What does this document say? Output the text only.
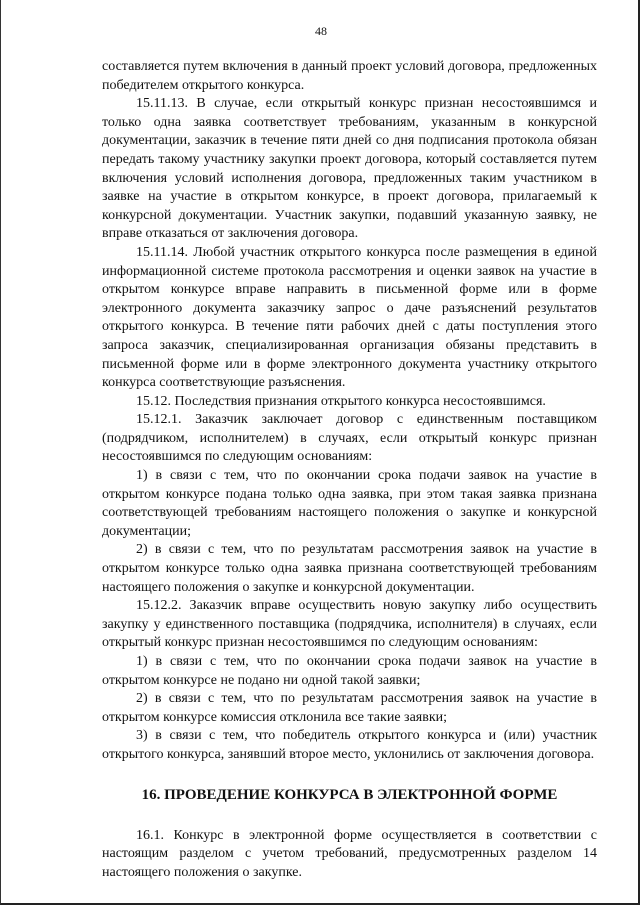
48

составляется путем включения в данный проект условий договора, предложенных победителем открытого конкурса.

15.11.13. В случае, если открытый конкурс признан несостоявшимся и только одна заявка соответствует требованиям, указанным в конкурсной документации, заказчик в течение пяти дней со дня подписания протокола обязан передать такому участнику закупки проект договора, который составляется путем включения условий исполнения договора, предложенных таким участником в заявке на участие в открытом конкурсе, в проект договора, прилагаемый к конкурсной документации. Участник закупки, подавший указанную заявку, не вправе отказаться от заключения договора.

15.11.14. Любой участник открытого конкурса после размещения в единой информационной системе протокола рассмотрения и оценки заявок на участие в открытом конкурсе вправе направить в письменной форме или в форме электронного документа заказчику запрос о даче разъяснений результатов открытого конкурса. В течение пяти рабочих дней с даты поступления этого запроса заказчик, специализированная организация обязаны представить в письменной форме или в форме электронного документа участнику открытого конкурса соответствующие разъяснения.

15.12. Последствия признания открытого конкурса несостоявшимся.

15.12.1. Заказчик заключает договор с единственным поставщиком (подрядчиком, исполнителем) в случаях, если открытый конкурс признан несостоявшимся по следующим основаниям:

1) в связи с тем, что по окончании срока подачи заявок на участие в открытом конкурсе подана только одна заявка, при этом такая заявка признана соответствующей требованиям настоящего положения о закупке и конкурсной документации;

2) в связи с тем, что по результатам рассмотрения заявок на участие в открытом конкурсе только одна заявка признана соответствующей требованиям настоящего положения о закупке и конкурсной документации.

15.12.2. Заказчик вправе осуществить новую закупку либо осуществить закупку у единственного поставщика (подрядчика, исполнителя) в случаях, если открытый конкурс признан несостоявшимся по следующим основаниям:

1) в связи с тем, что по окончании срока подачи заявок на участие в открытом конкурсе не подано ни одной такой заявки;

2) в связи с тем, что по результатам рассмотрения заявок на участие в открытом конкурсе комиссия отклонила все такие заявки;

3) в связи с тем, что победитель открытого конкурса и (или) участник открытого конкурса, занявший второе место, уклонились от заключения договора.

16. ПРОВЕДЕНИЕ КОНКУРСА В ЭЛЕКТРОННОЙ ФОРМЕ

16.1. Конкурс в электронной форме осуществляется в соответствии с настоящим разделом с учетом требований, предусмотренных разделом 14 настоящего положения о закупке.
